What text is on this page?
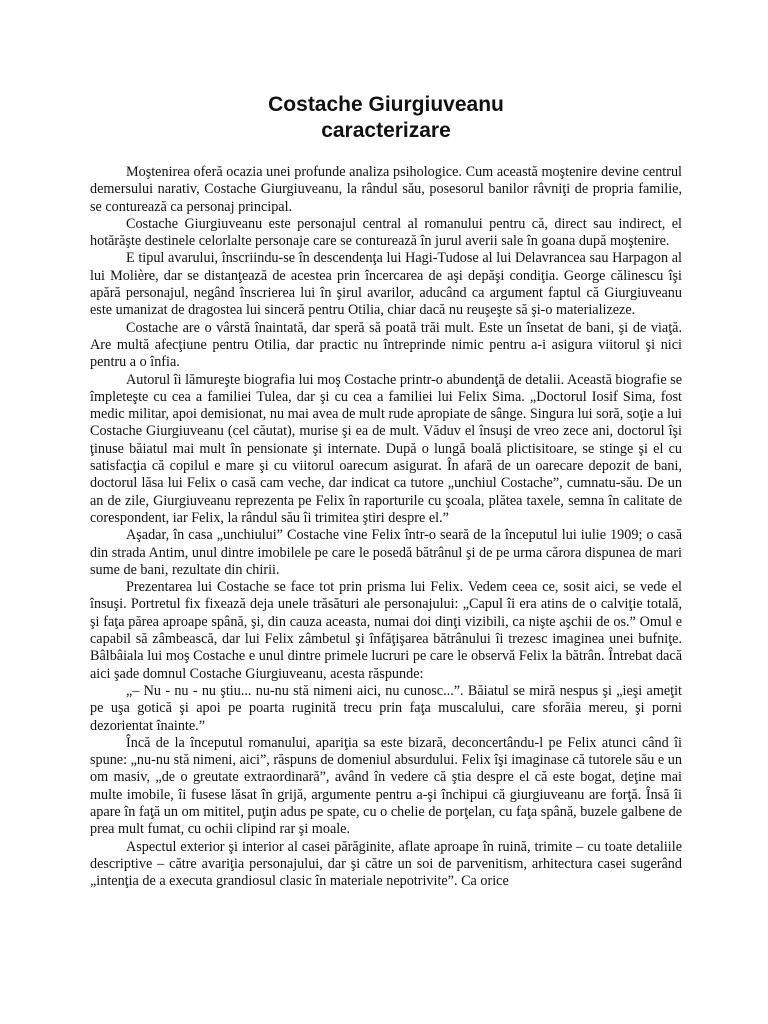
Costache Giurgiuveanu
caracterizare

Moştenirea oferă ocazia unei profunde analiza psihologice. Cum această moştenire devine centrul demersului narativ, Costache Giurgiuveanu, la rândul său, posesorul banilor râvniţi de propria familie, se conturează ca personaj principal.

Costache Giurgiuveanu este personajul central al romanului pentru că, direct sau indirect, el hotărăşte destinele celorlalte personaje care se conturează în jurul averii sale în goana după moştenire.

E tipul avarului, înscriindu-se în descendenţa lui Hagi-Tudose al lui Delavrancea sau Harpagon al lui Molière, dar se distanţează de acestea prin încercarea de aşi depăşi condiţia. George călinescu îşi apără personajul, negând înscrierea lui în şirul avarilor, aducând ca argument faptul că Giurgiuveanu este umanizat de dragostea lui sinceră pentru Otilia, chiar dacă nu reuşeşte să şi-o materializeze.

Costache are o vârstă înaintată, dar speră să poată trăi mult. Este un însetat de bani, şi de viaţă. Are multă afecţiune pentru Otilia, dar practic nu întreprinde nimic pentru a-i asigura viitorul şi nici pentru a o înfia.

Autorul îi lămureşte biografia lui moş Costache printr-o abundenţă de detalii. Această biografie se împleteşte cu cea a familiei Tulea, dar şi cu cea a familiei lui Felix Sima. „Doctorul Iosif Sima, fost medic militar, apoi demisionat, nu mai avea de mult rude apropiate de sânge. Singura lui soră, soţie a lui Costache Giurgiuveanu (cel căutat), murise şi ea de mult. Văduv el însuşi de vreo zece ani, doctorul îşi ţinuse băiatul mai mult în pensionate şi internate. După o lungă boală plictisitoare, se stinge şi el cu satisfacţia că copilul e mare şi cu viitorul oarecum asigurat. În afară de un oarecare depozit de bani, doctorul lăsa lui Felix o casă cam veche, dar indicat ca tutore „unchiul Costache”, cumnatu-său. De un an de zile, Giurgiuveanu reprezenta pe Felix în raporturile cu şcoala, plătea taxele, semna în calitate de corespondent, iar Felix, la rândul său îi trimitea ştiri despre el.”

Aşadar, în casa „unchiului” Costache vine Felix într-o seară de la începutul lui iulie 1909; o casă din strada Antim, unul dintre imobilele pe care le posedă bătrânul şi de pe urma cărora dispunea de mari sume de bani, rezultate din chirii.

Prezentarea lui Costache se face tot prin prisma lui Felix. Vedem ceea ce, sosit aici, se vede el însuşi. Portretul fix fixează deja unele trăsături ale personajului: „Capul îi era atins de o calviţie totală, şi faţa părea aproape spână, şi, din cauza aceasta, numai doi dinţi vizibili, ca nişte aşchii de os.” Omul e capabil să zâmbească, dar lui Felix zâmbetul şi înfăţişarea bătrânului îi trezesc imaginea unei bufniţe. Bâlbâiala lui moş Costache e unul dintre primele lucruri pe care le observă Felix la bătrân. Întrebat dacă aici şade domnul Costache Giurgiuveanu, acesta răspunde:

„– Nu - nu - nu ştiu... nu-nu stă nimeni aici, nu cunosc...”. Băiatul se miră nespus şi „ieşi ameţit pe uşa gotică şi apoi pe poarta ruginită trecu prin faţa muscalului, care sforăia mereu, şi porni dezorientat înainte.”

Încă de la începutul romanului, apariţia sa este bizară, deconcertându-l pe Felix atunci când îi spune: „nu-nu stă nimeni, aici”, răspuns de domeniul absurdului. Felix îşi imaginase că tutorele său e un om masiv, „de o greutate extraordinară”, având în vedere că ştia despre el că este bogat, deţine mai multe imobile, îi fusese lăsat în grijă, argumente pentru a-şi închipui că giurgiuveanu are forţă. Însă îi apare în faţă un om mititel, puţin adus pe spate, cu o chelie de porţelan, cu faţa spână, buzele galbene de prea mult fumat, cu ochii clipind rar şi moale.

Aspectul exterior şi interior al casei părăginite, aflate aproape în ruină, trimite – cu toate detaliile descriptive – către avariţia personajului, dar şi către un soi de parvenitism, arhitectura casei sugerând „intenţia de a executa grandiosul clasic în materiale nepotrivite”. Ca orice
